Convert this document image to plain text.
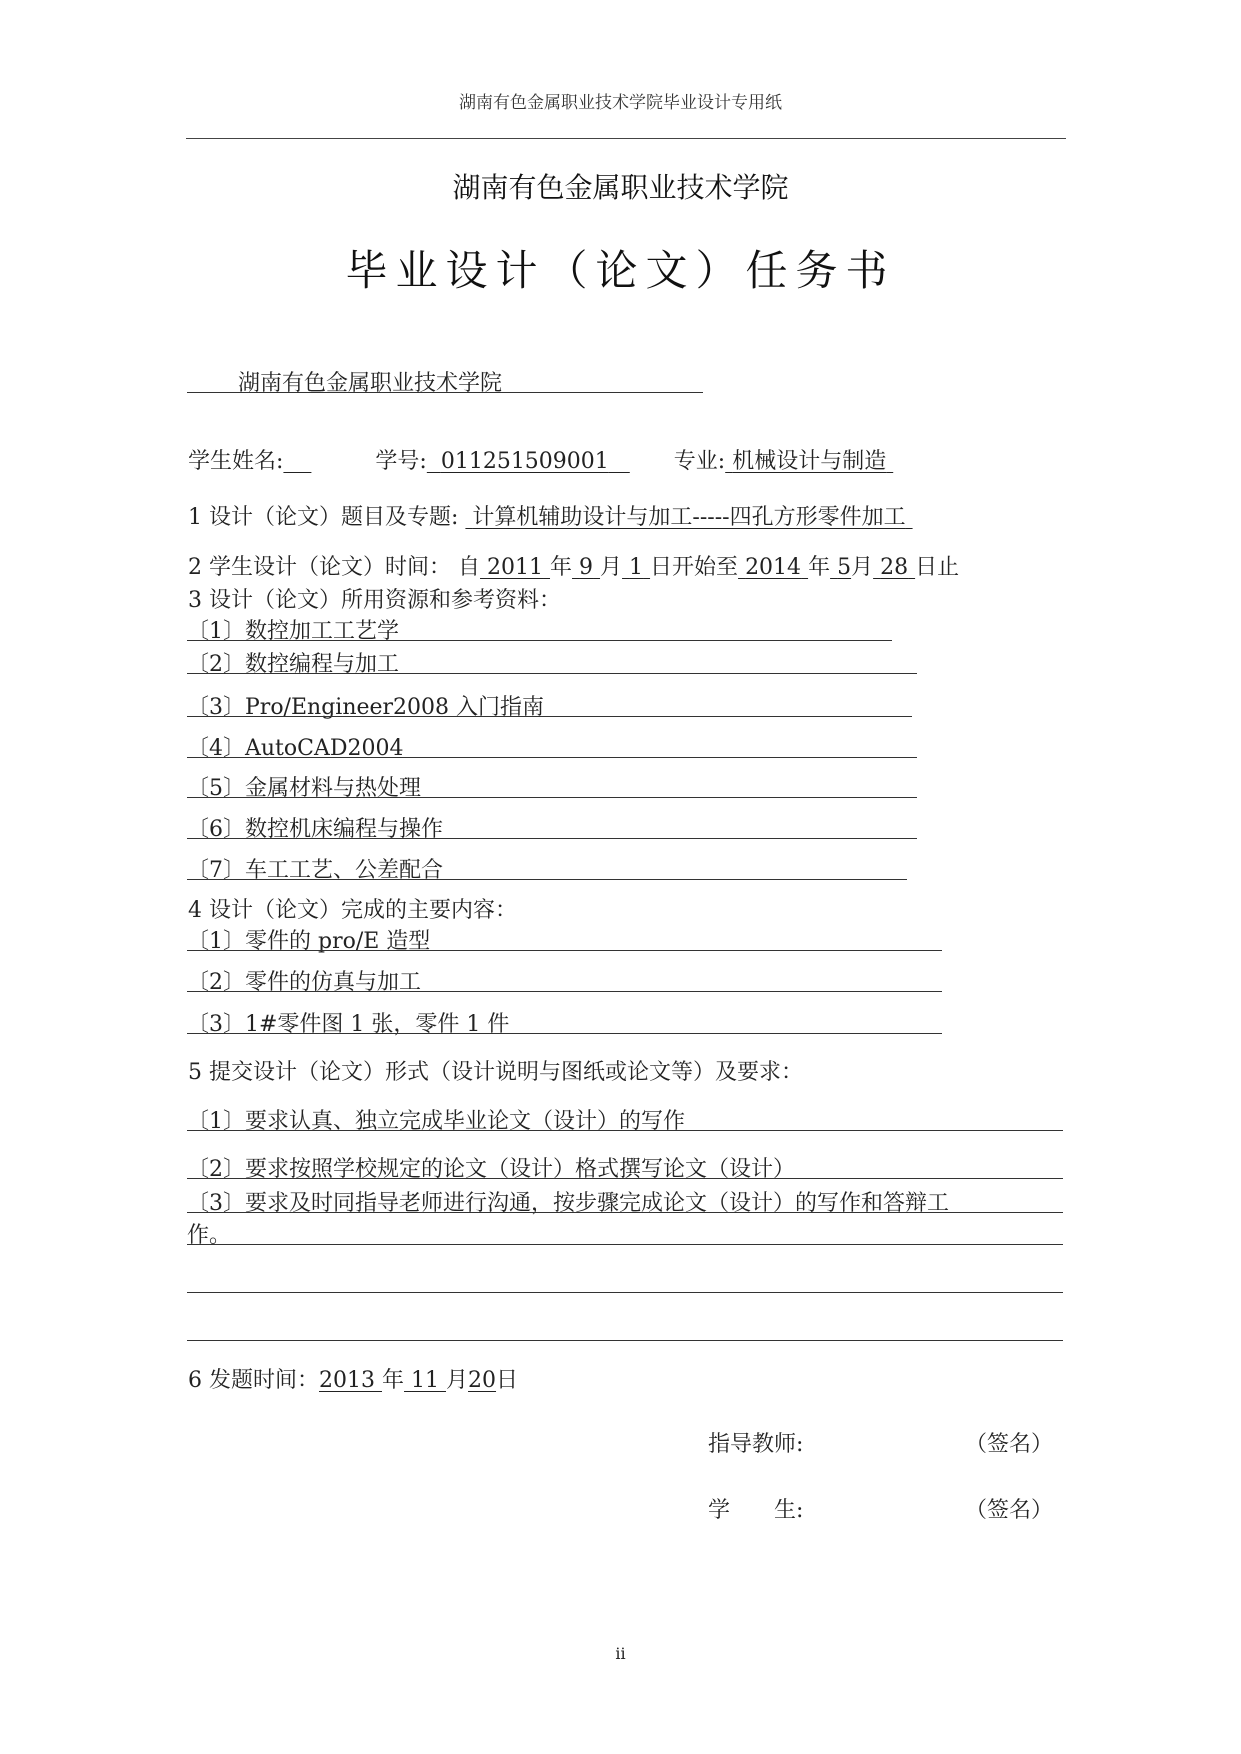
湖南有色金属职业技术学院毕业设计专用纸
湖南有色金属职业技术学院
毕业设计（论文）任务书
湖南有色金属职业技术学院
学生姓名:	学号: 011251509001	专业: 机械设计与制造
1 设计（论文）题目及专题: 计算机辅助设计与加工-----四孔方形零件加工
2 学生设计（论文）时间： 自 2011 年 9 月 1 日开始至 2014 年 5月 28 日止
3 设计（论文）所用资源和参考资料：
〔1〕数控加工工艺学
〔2〕数控编程与加工
〔3〕Pro/Engineer2008 入门指南
〔4〕AutoCAD2004
〔5〕金属材料与热处理
〔6〕数控机床编程与操作
〔7〕车工工艺、公差配合
4 设计（论文）完成的主要内容：
〔1〕零件的 pro/E 造型
〔2〕零件的仿真与加工
〔3〕1#零件图 1 张，零件 1 件
5 提交设计（论文）形式（设计说明与图纸或论文等）及要求：
〔1〕要求认真、独立完成毕业论文（设计）的写作
〔2〕要求按照学校规定的论文（设计）格式撰写论文（设计）
〔3〕要求及时同指导老师进行沟通，按步骤完成论文（设计）的写作和答辩工
作。
6 发题时间：2013 年 11 月20日
指导教师:	（签名）
学　　生:	（签名）
ii
